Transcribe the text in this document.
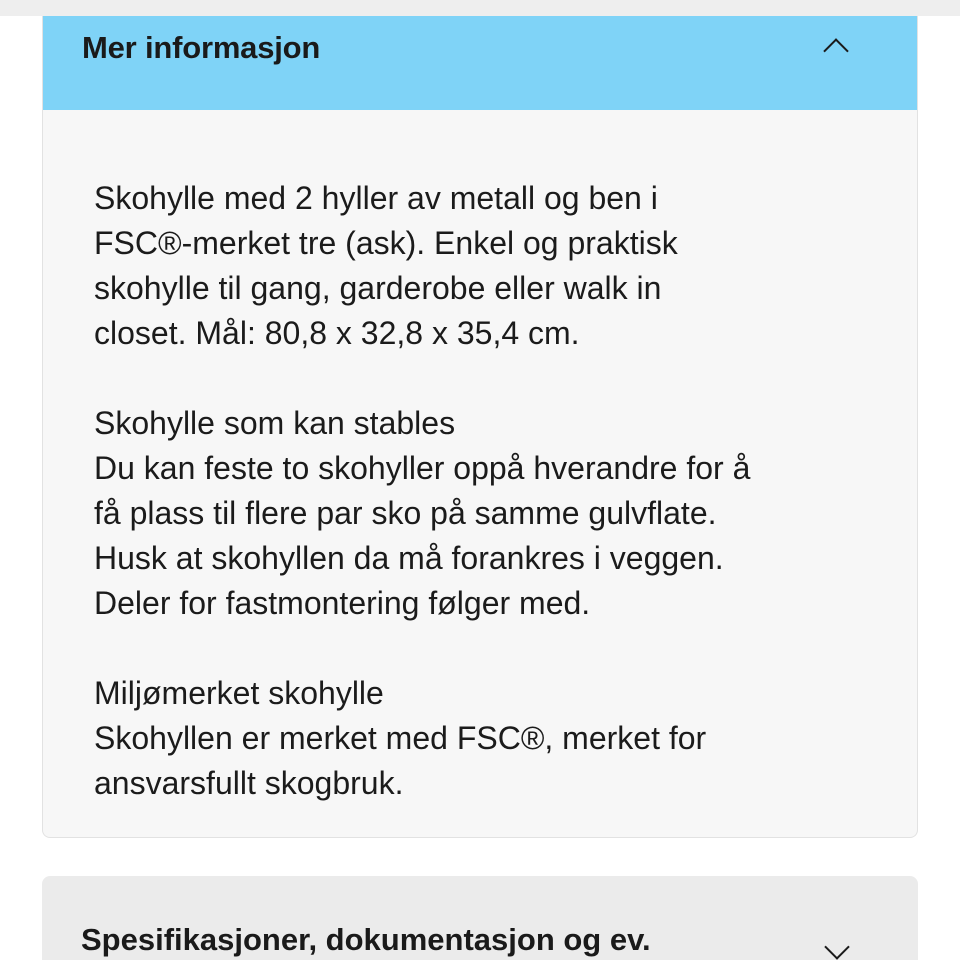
Mer informasjon

Skohylle med 2 hyller av metall og ben i

FSC®-merket tre (ask). Enkel og praktisk

skohylle til gang, garderobe eller walk in

closet. Mål: 80,8 x 32,8 x 35,4 cm.

Skohylle som kan stables

Du kan feste to skohyller oppå hverandre for å

få plass til flere par sko på samme gulvflate.

Husk at skohyllen da må forankres i veggen.

Deler for fastmontering følger med.

Miljømerket skohylle

Skohyllen er merket med FSC®, merket for

ansvarsfullt skogbruk.

Spesifikasjoner, dokumentasjon og ev.
